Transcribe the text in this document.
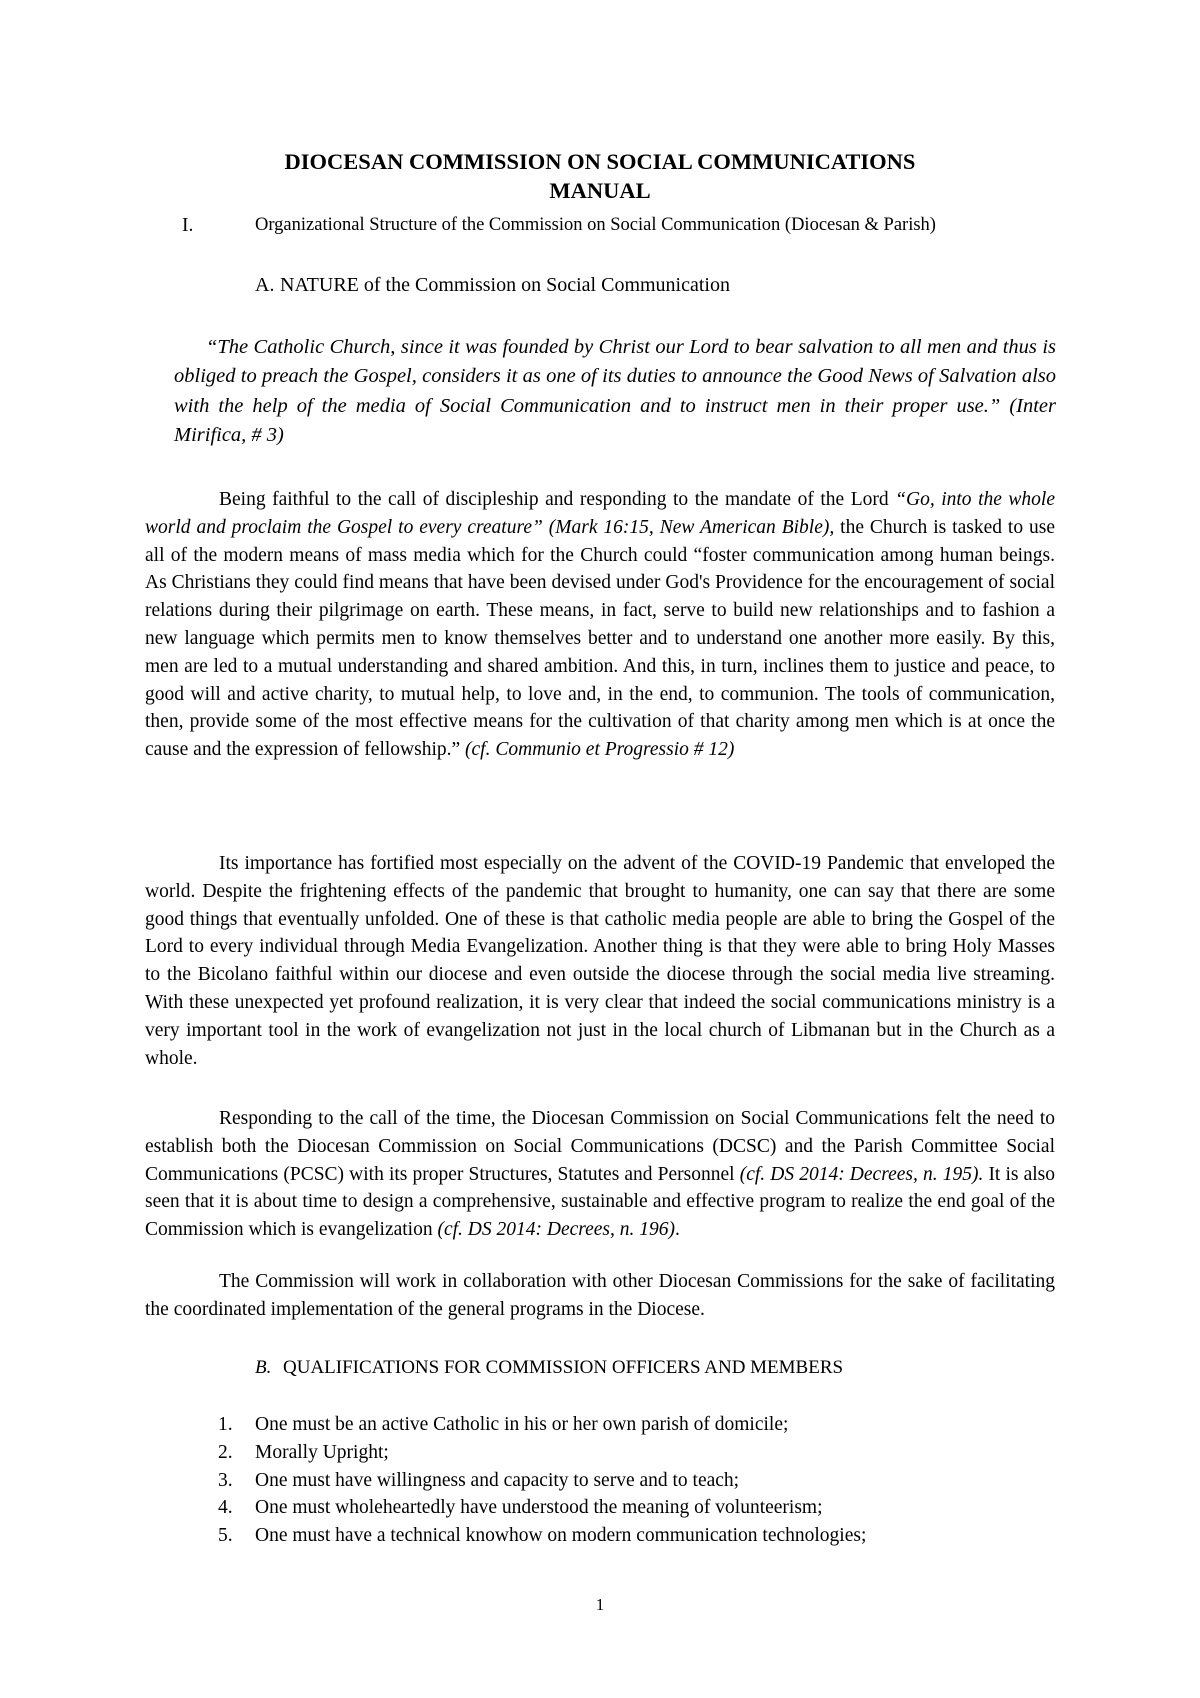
DIOCESAN COMMISSION ON SOCIAL COMMUNICATIONS
MANUAL
I.	Organizational Structure of the Commission on Social Communication (Diocesan & Parish)
A. NATURE of the Commission on Social Communication
“The Catholic Church, since it was founded by Christ our Lord to bear salvation to all men and thus is obliged to preach the Gospel, considers it as one of its duties to announce the Good News of Salvation also with the help of the media of Social Communication and to instruct men in their proper use.” (Inter Mirifica, # 3)
Being faithful to the call of discipleship and responding to the mandate of the Lord “Go, into the whole world and proclaim the Gospel to every creature” (Mark 16:15, New American Bible), the Church is tasked to use all of the modern means of mass media which for the Church could “foster communication among human beings. As Christians they could find means that have been devised under God's Providence for the encouragement of social relations during their pilgrimage on earth. These means, in fact, serve to build new relationships and to fashion a new language which permits men to know themselves better and to understand one another more easily. By this, men are led to a mutual understanding and shared ambition. And this, in turn, inclines them to justice and peace, to good will and active charity, to mutual help, to love and, in the end, to communion. The tools of communication, then, provide some of the most effective means for the cultivation of that charity among men which is at once the cause and the expression of fellowship.” (cf. Communio et Progressio # 12)
Its importance has fortified most especially on the advent of the COVID-19 Pandemic that enveloped the world. Despite the frightening effects of the pandemic that brought to humanity, one can say that there are some good things that eventually unfolded. One of these is that catholic media people are able to bring the Gospel of the Lord to every individual through Media Evangelization. Another thing is that they were able to bring Holy Masses to the Bicolano faithful within our diocese and even outside the diocese through the social media live streaming. With these unexpected yet profound realization, it is very clear that indeed the social communications ministry is a very important tool in the work of evangelization not just in the local church of Libmanan but in the Church as a whole.
Responding to the call of the time, the Diocesan Commission on Social Communications felt the need to establish both the Diocesan Commission on Social Communications (DCSC) and the Parish Committee Social Communications (PCSC) with its proper Structures, Statutes and Personnel (cf. DS 2014: Decrees, n. 195). It is also seen that it is about time to design a comprehensive, sustainable and effective program to realize the end goal of the Commission which is evangelization (cf. DS 2014: Decrees, n. 196).
The Commission will work in collaboration with other Diocesan Commissions for the sake of facilitating the coordinated implementation of the general programs in the Diocese.
B. QUALIFICATIONS FOR COMMISSION OFFICERS AND MEMBERS
1.	One must be an active Catholic in his or her own parish of domicile;
2.	Morally Upright;
3.	One must have willingness and capacity to serve and to teach;
4.	One must wholeheartedly have understood the meaning of volunteerism;
5.	One must have a technical knowhow on modern communication technologies;
1
